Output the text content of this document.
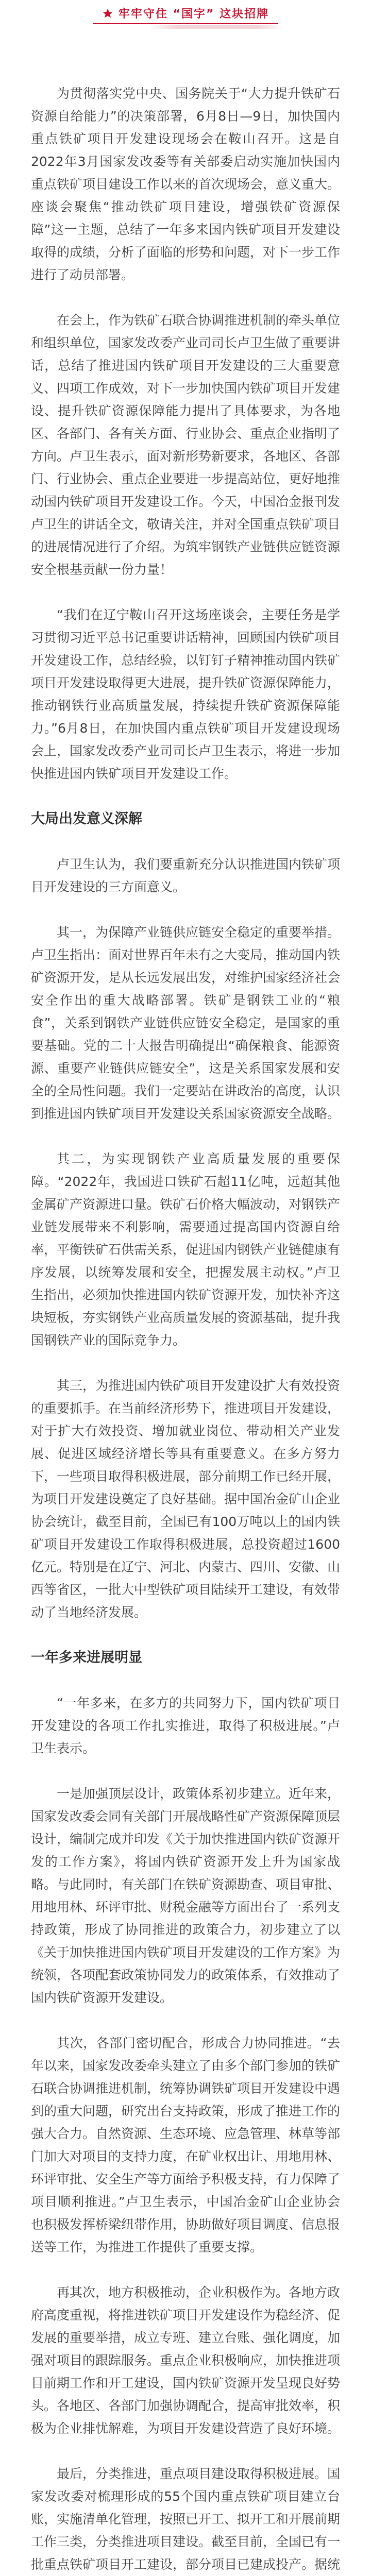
牢牢守住 “国字” 这块招牌

为贯彻落实党中央、国务院关于“大力提升铁矿石资源自给能力”的决策部署，6月8日—9日，加快国内重点铁矿项目开发建设现场会在鞍山召开。这是自2022年3月国家发改委等有关部委启动实施加快国内重点铁矿项目建设工作以来的首次现场会，意义重大。座谈会聚焦“推动铁矿项目建设，增强铁矿资源保障”这一主题，总结了一年多来国内铁矿项目开发建设取得的成绩，分析了面临的形势和问题，对下一步工作进行了动员部署。

在会上，作为铁矿石联合协调推进机制的牵头单位和组织单位，国家发改委产业司司长卢卫生做了重要讲话，总结了推进国内铁矿项目开发建设的三大重要意义、四项工作成效，对下一步加快国内铁矿项目开发建设、提升铁矿资源保障能力提出了具体要求，为各地区、各部门、各有关方面、行业协会、重点企业指明了方向。卢卫生表示，面对新形势新要求，各地区、各部门、行业协会、重点企业要进一步提高站位，更好地推动国内铁矿项目开发建设工作。今天，中国冶金报刊发卢卫生的讲话全文，敬请关注，并对全国重点铁矿项目的进展情况进行了介绍。为筑牢钢铁产业链供应链资源安全根基贡献一份力量！

“我们在辽宁鞍山召开这场座谈会，主要任务是学习贯彻习近平总书记重要讲话精神，回顾国内铁矿项目开发建设工作，总结经验，以钉钉子精神推动国内铁矿项目开发建设取得更大进展，提升铁矿资源保障能力，推动钢铁行业高质量发展，持续提升铁矿资源保障能力。”6月8日，在加快国内重点铁矿项目开发建设现场会上，国家发改委产业司司长卢卫生表示，将进一步加快推进国内铁矿项目开发建设工作。

大局出发意义深解

卢卫生认为，我们要重新充分认识推进国内铁矿项目开发建设的三方面意义。

其一，为保障产业链供应链安全稳定的重要举措。卢卫生指出：面对世界百年未有之大变局，推动国内铁矿资源开发，是从长远发展出发，对维护国家经济社会安全作出的重大战略部署。铁矿是钢铁工业的“粮食”，关系到钢铁产业链供应链安全稳定，是国家的重要基础。党的二十大报告明确提出“确保粮食、能源资源、重要产业链供应链安全”，这是关系国家发展和安全的全局性问题。我们一定要站在讲政治的高度，认识到推进国内铁矿项目开发建设关系国家资源安全战略。

其二，为实现钢铁产业高质量发展的重要保障。“2022年，我国进口铁矿石超11亿吨，远超其他金属矿产资源进口量。铁矿石价格大幅波动，对钢铁产业链发展带来不利影响，需要通过提高国内资源自给率，平衡铁矿石供需关系，促进国内钢铁产业链健康有序发展，以统筹发展和安全，把握发展主动权。”卢卫生指出，必须加快推进国内铁矿资源开发，加快补齐这块短板，夯实钢铁产业高质量发展的资源基础，提升我国钢铁产业的国际竞争力。

其三，为推进国内铁矿项目开发建设扩大有效投资的重要抓手。在当前经济形势下，推进项目开发建设，对于扩大有效投资、增加就业岗位、带动相关产业发展、促进区域经济增长等具有重要意义。在多方努力下，一些项目取得积极进展，部分前期工作已经开展，为项目开发建设奠定了良好基础。据中国冶金矿山企业协会统计，截至目前，全国已有100万吨以上的国内铁矿项目开发建设工作取得积极进展，总投资超过1600亿元。特别是在辽宁、河北、内蒙古、四川、安徽、山西等省区，一批大中型铁矿项目陆续开工建设，有效带动了当地经济发展。

一年多来进展明显

“一年多来，在多方的共同努力下，国内铁矿项目开发建设的各项工作扎实推进，取得了积极进展。”卢卫生表示。

一是加强顶层设计，政策体系初步建立。近年来，国家发改委会同有关部门开展战略性矿产资源保障顶层设计，编制完成并印发《关于加快推进国内铁矿资源开发的工作方案》，将国内铁矿资源开发上升为国家战略。与此同时，有关部门在铁矿资源勘查、项目审批、用地用林、环评审批、财税金融等方面出台了一系列支持政策，形成了协同推进的政策合力，初步建立了以《关于加快推进国内铁矿项目开发建设的工作方案》为统领，各项配套政策协同发力的政策体系，有效推动了国内铁矿资源开发建设。

其次，各部门密切配合，形成合力协同推进。“去年以来，国家发改委牵头建立了由多个部门参加的铁矿石联合协调推进机制，统筹协调铁矿项目开发建设中遇到的重大问题，研究出台支持政策，形成了推进工作的强大合力。自然资源、生态环境、应急管理、林草等部门加大对项目的支持力度，在矿业权出让、用地用林、环评审批、安全生产等方面给予积极支持，有力保障了项目顺利推进。”卢卫生表示，中国冶金矿山企业协会也积极发挥桥梁纽带作用，协助做好项目调度、信息报送等工作，为推进工作提供了重要支撑。

再其次，地方积极推动，企业积极作为。各地方政府高度重视，将推进铁矿项目开发建设作为稳经济、促发展的重要举措，成立专班、建立台账、强化调度，加强对项目的跟踪服务。重点企业积极响应，加快推进项目前期工作和开工建设，国内铁矿资源开发呈现良好势头。各地区、各部门加强协调配合，提高审批效率，积极为企业排忧解难，为项目开发建设营造了良好环境。

最后，分类推进，重点项目建设取得积极进展。国家发改委对梳理形成的55个国内重点铁矿项目建立台账，实施清单化管理，按照已开工、拟开工和开展前期工作三类，分类推进项目建设。截至目前，全国已有一批重点铁矿项目开工建设，部分项目已建成投产。据统
